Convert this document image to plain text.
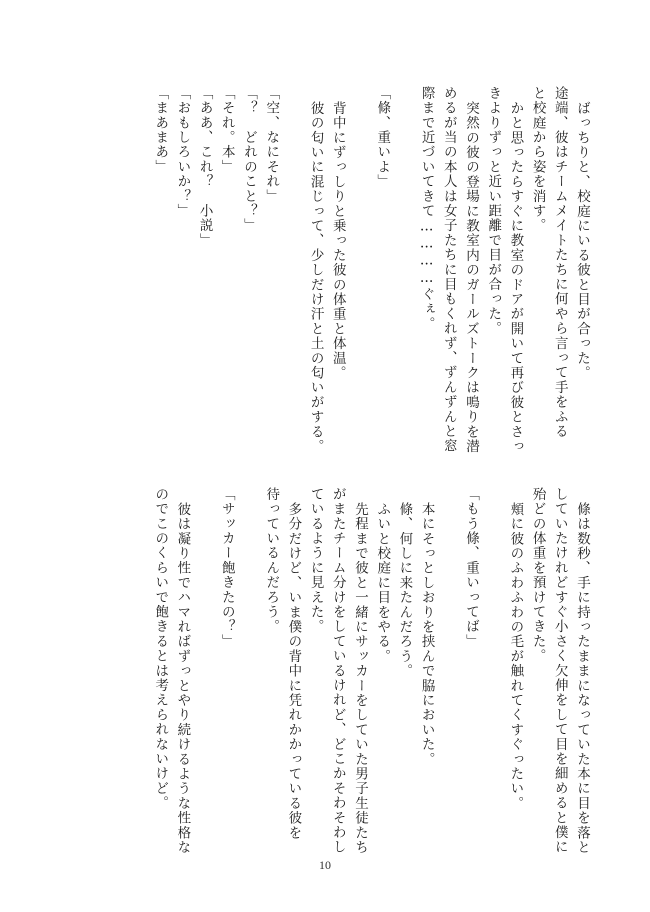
ばっちりと、校庭にいる彼と目が合った。
途端、彼はチームメイトたちに何やら言って手をふる
と校庭から姿を消す。
かと思ったらすぐに教室のドアが開いて再び彼とさっ
きよりずっと近い距離で目が合った。
突然の彼の登場に教室内のガールズトークは鳴りを潜
めるが当の本人は女子たちに目もくれず、ずんずんと窓
際まで近づいてきて…………ぐぇ。
「條、重いよ」
背中にずっしりと乗った彼の体重と体温。
彼の匂いに混じって、少しだけ汗と土の匂いがする。
「空、なにそれ」
「？　どれのこと？」
「それ。本」
「ああ、これ？　小説」
「おもしろいか？」
「まあまあ」
條は数秒、手に持ったままになっていた本に目を落と
していたけれどすぐ小さく欠伸をして目を細めると僕に
殆どの体重を預けてきた。
頬に彼のふわふわの毛が触れてくすぐったい。
「もう條、重いってば」
本にそっとしおりを挟んで脇においた。
條、何しに来たんだろう。
ふいと校庭に目をやる。
先程まで彼と一緒にサッカーをしていた男子生徒たち
がまたチーム分けをしているけれど、どこかそわそわし
ているように見えた。
多分だけど、いま僕の背中に凭れかかっている彼を
待っているんだろう。
「サッカー飽きたの？」
彼は凝り性でハマればずっとやり続けるような性格な
のでこのくらいで飽きるとは考えられないけど。
10
